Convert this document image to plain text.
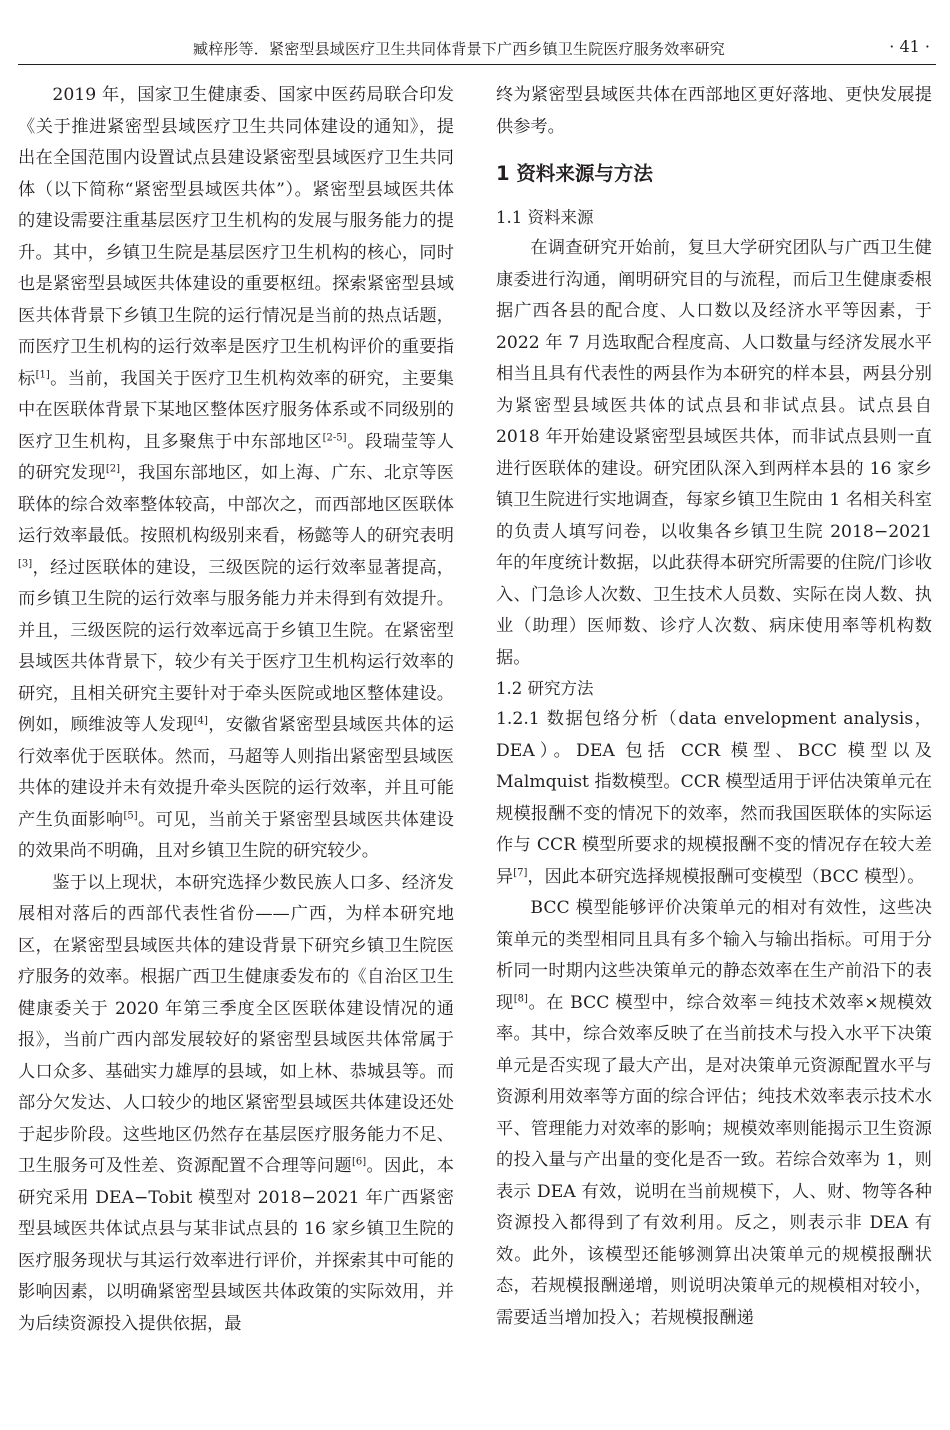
臧梓彤等．紧密型县域医疗卫生共同体背景下广西乡镇卫生院医疗服务效率研究	· 41 ·

2019 年，国家卫生健康委、国家中医药局联合印发《关于推进紧密型县域医疗卫生共同体建设的通知》，提出在全国范围内设置试点县建设紧密型县域医疗卫生共同体（以下简称“紧密型县域医共体”）。紧密型县域医共体的建设需要注重基层医疗卫生机构的发展与服务能力的提升。其中，乡镇卫生院是基层医疗卫生机构的核心，同时也是紧密型县域医共体建设的重要枢纽。探索紧密型县域医共体背景下乡镇卫生院的运行情况是当前的热点话题，而医疗卫生机构的运行效率是医疗卫生机构评价的重要指标[1]。当前，我国关于医疗卫生机构效率的研究，主要集中在医联体背景下某地区整体医疗服务体系或不同级别的医疗卫生机构，且多聚焦于中东部地区[2-5]。段瑞莹等人的研究发现[2]，我国东部地区，如上海、广东、北京等医联体的综合效率整体较高，中部次之，而西部地区医联体运行效率最低。按照机构级别来看，杨懿等人的研究表明[3]，经过医联体的建设，三级医院的运行效率显著提高，而乡镇卫生院的运行效率与服务能力并未得到有效提升。并且，三级医院的运行效率远高于乡镇卫生院。在紧密型县域医共体背景下，较少有关于医疗卫生机构运行效率的研究，且相关研究主要针对于牵头医院或地区整体建设。例如，顾维波等人发现[4]，安徽省紧密型县域医共体的运行效率优于医联体。然而，马超等人则指出紧密型县域医共体的建设并未有效提升牵头医院的运行效率，并且可能产生负面影响[5]。可见，当前关于紧密型县域医共体建设的效果尚不明确，且对乡镇卫生院的研究较少。

鉴于以上现状，本研究选择少数民族人口多、经济发展相对落后的西部代表性省份——广西，为样本研究地区，在紧密型县域医共体的建设背景下研究乡镇卫生院医疗服务的效率。根据广西卫生健康委发布的《自治区卫生健康委关于 2020 年第三季度全区医联体建设情况的通报》，当前广西内部发展较好的紧密型县域医共体常属于人口众多、基础实力雄厚的县域，如上林、恭城县等。而部分欠发达、人口较少的地区紧密型县域医共体建设还处于起步阶段。这些地区仍然存在基层医疗服务能力不足、卫生服务可及性差、资源配置不合理等问题[6]。因此，本研究采用 DEA−Tobit 模型对 2018−2021 年广西紧密型县域医共体试点县与某非试点县的 16 家乡镇卫生院的医疗服务现状与其运行效率进行评价，并探索其中可能的影响因素，以明确紧密型县域医共体政策的实际效用，并为后续资源投入提供依据，最

终为紧密型县域医共体在西部地区更好落地、更快发展提供参考。

1 资料来源与方法
1.1 资料来源

在调查研究开始前，复旦大学研究团队与广西卫生健康委进行沟通，阐明研究目的与流程，而后卫生健康委根据广西各县的配合度、人口数以及经济水平等因素，于 2022 年 7 月选取配合程度高、人口数量与经济发展水平相当且具有代表性的两县作为本研究的样本县，两县分别为紧密型县域医共体的试点县和非试点县。试点县自 2018 年开始建设紧密型县域医共体，而非试点县则一直进行医联体的建设。研究团队深入到两样本县的 16 家乡镇卫生院进行实地调查，每家乡镇卫生院由 1 名相关科室的负责人填写问卷，以收集各乡镇卫生院 2018−2021 年的年度统计数据，以此获得本研究所需要的住院/门诊收入、门急诊人次数、卫生技术人员数、实际在岗人数、执业（助理）医师数、诊疗人次数、病床使用率等机构数据。

1.2 研究方法

1.2.1 数据包络分析（data envelopment analysis，DEA）。DEA 包括 CCR 模型、BCC 模型以及 Malmquist 指数模型。CCR 模型适用于评估决策单元在规模报酬不变的情况下的效率，然而我国医联体的实际运作与 CCR 模型所要求的规模报酬不变的情况存在较大差异[7]，因此本研究选择规模报酬可变模型（BCC 模型）。

BCC 模型能够评价决策单元的相对有效性，这些决策单元的类型相同且具有多个输入与输出指标。可用于分析同一时期内这些决策单元的静态效率在生产前沿下的表现[8]。在 BCC 模型中，综合效率＝纯技术效率×规模效率。其中，综合效率反映了在当前技术与投入水平下决策单元是否实现了最大产出，是对决策单元资源配置水平与资源利用效率等方面的综合评估；纯技术效率表示技术水平、管理能力对效率的影响；规模效率则能揭示卫生资源的投入量与产出量的变化是否一致。若综合效率为 1，则表示 DEA 有效，说明在当前规模下，人、财、物等各种资源投入都得到了有效利用。反之，则表示非 DEA 有效。此外，该模型还能够测算出决策单元的规模报酬状态，若规模报酬递增，则说明决策单元的规模相对较小，需要适当增加投入；若规模报酬递
